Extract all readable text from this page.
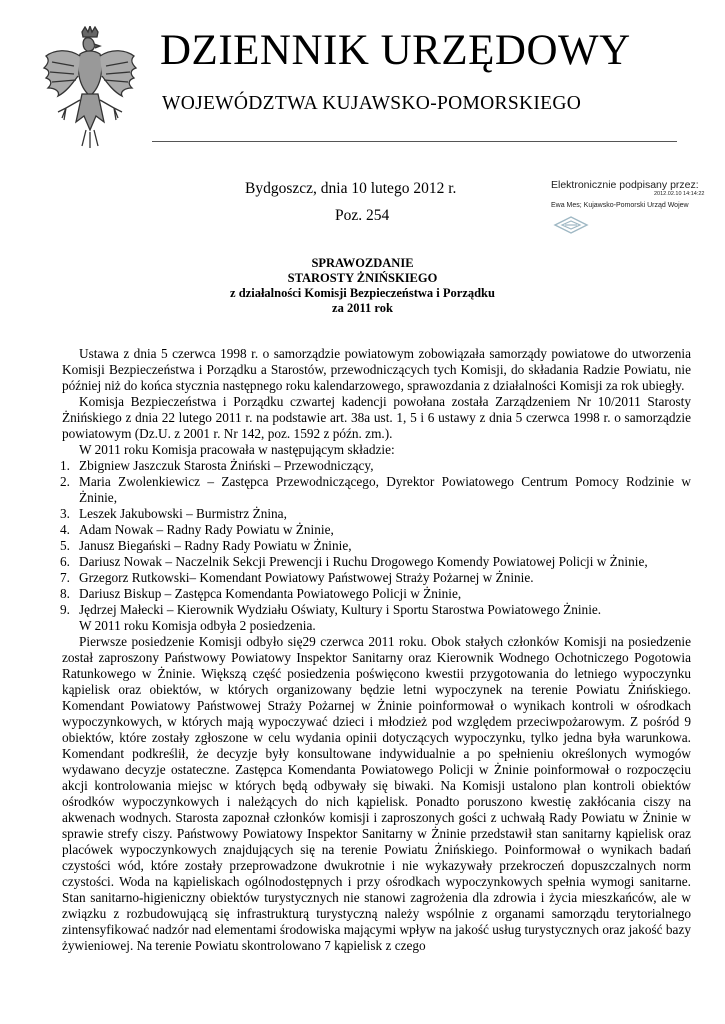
DZIENNIK URZĘDOWY
WOJEWÓDZTWA KUJAWSKO-POMORSKIEGO
Bydgoszcz, dnia 10 lutego 2012 r.
Poz. 254
Elektronicznie podpisany przez:
2012.02.10 14:14:22
Ewa Mes; Kujawsko-Pomorski Urząd Wojew
SPRAWOZDANIE
STAROSTY ŻNIŃSKIEGO
z działalności Komisji Bezpieczeństwa i Porządku
za 2011 rok

Ustawa z dnia 5 czerwca 1998 r. o samorządzie powiatowym zobowiązała samorządy powiatowe do utworzenia Komisji Bezpieczeństwa i Porządku a Starostów, przewodniczących tych Komisji, do składania Radzie Powiatu, nie później niż do końca stycznia następnego roku kalendarzowego, sprawozdania z działalności Komisji za rok ubiegły.

Komisja Bezpieczeństwa i Porządku czwartej kadencji powołana została Zarządzeniem Nr 10/2011 Starosty Żnińskiego z dnia 22 lutego 2011 r. na podstawie art. 38a ust. 1, 5 i 6 ustawy z dnia 5 czerwca 1998 r. o samorządzie powiatowym (Dz.U. z 2001 r. Nr 142, poz. 1592 z późn. zm.).

W 2011 roku Komisja pracowała w następującym składzie:

1. Zbigniew Jaszczuk Starosta Żniński – Przewodniczący,
2. Maria Zwolenkiewicz – Zastępca Przewodniczącego, Dyrektor Powiatowego Centrum Pomocy Rodzinie w Żninie,
3. Leszek Jakubowski – Burmistrz Żnina,
4. Adam Nowak – Radny Rady Powiatu w Żninie,
5. Janusz Biegański – Radny Rady Powiatu w Żninie,
6. Dariusz Nowak – Naczelnik Sekcji Prewencji i Ruchu Drogowego Komendy Powiatowej Policji w Żninie,
7. Grzegorz Rutkowski– Komendant Powiatowy Państwowej Straży Pożarnej w Żninie.
8. Dariusz Biskup – Zastępca Komendanta Powiatowego Policji w Żninie,
9. Jędrzej Małecki – Kierownik Wydziału Oświaty, Kultury i Sportu Starostwa Powiatowego Żninie.

W 2011 roku Komisja odbyła 2 posiedzenia.

Pierwsze posiedzenie Komisji odbyło się29 czerwca 2011 roku. Obok stałych członków Komisji na posiedzenie został zaproszony Państwowy Powiatowy Inspektor Sanitarny oraz Kierownik Wodnego Ochotniczego Pogotowia Ratunkowego w Żninie. Większą część posiedzenia poświęcono kwestii przygotowania do letniego wypoczynku kąpielisk oraz obiektów, w których organizowany będzie letni wypoczynek na terenie Powiatu Żnińskiego. Komendant Powiatowy Państwowej Straży Pożarnej w Żninie poinformował o wynikach kontroli w ośrodkach wypoczynkowych, w których mają wypoczywać dzieci i młodzież pod względem przeciwpożarowym. Z pośród 9 obiektów, które zostały zgłoszone w celu wydania opinii dotyczących wypoczynku, tylko jedna była warunkowa. Komendant podkreślił, że decyzje były konsultowane indywidualnie a po spełnieniu określonych wymogów wydawano decyzje ostateczne. Zastępca Komendanta Powiatowego Policji w Żninie poinformował o rozpoczęciu akcji kontrolowania miejsc w których będą odbywały się biwaki. Na Komisji ustalono plan kontroli obiektów ośrodków wypoczynkowych i należących do nich kąpielisk. Ponadto poruszono kwestię zakłócania ciszy na akwenach wodnych. Starosta zapoznał członków komisji i zaproszonych gości z uchwałą Rady Powiatu w Żninie w sprawie strefy ciszy. Państwowy Powiatowy Inspektor Sanitarny w Żninie przedstawił stan sanitarny kąpielisk oraz placówek wypoczynkowych znajdujących się na terenie Powiatu Żnińskiego. Poinformował o wynikach badań czystości wód, które zostały przeprowadzone dwukrotnie i nie wykazywały przekroczeń dopuszczalnych norm czystości. Woda na kąpieliskach ogólnodostępnych i przy ośrodkach wypoczynkowych spełnia wymogi sanitarne. Stan sanitarno-higieniczny obiektów turystycznych nie stanowi zagrożenia dla zdrowia i życia mieszkańców, ale w związku z rozbudowującą się infrastrukturą turystyczną należy wspólnie z organami samorządu terytorialnego zintensyfikować nadzór nad elementami środowiska mającymi wpływ na jakość usług turystycznych oraz jakość bazy żywieniowej. Na terenie Powiatu skontrolowano 7 kąpielisk z czego
